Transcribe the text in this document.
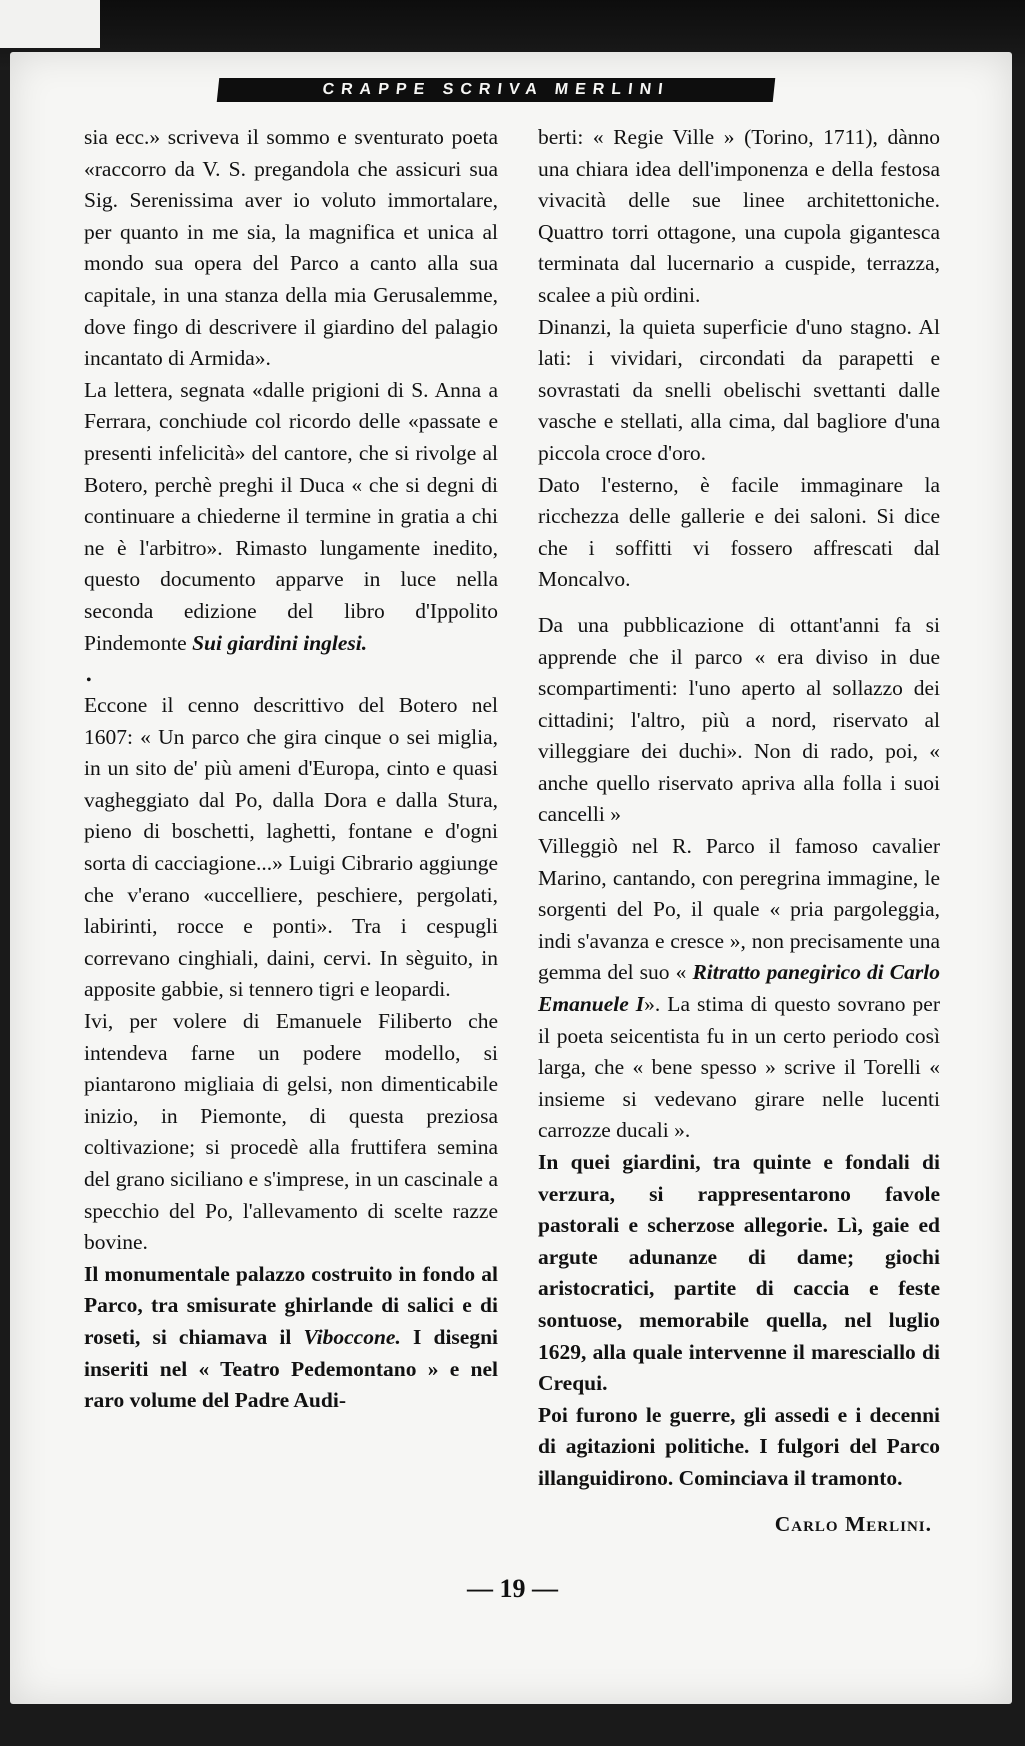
CRAPPE SCRIVA MERLINI

sia ecc.» scriveva il sommo e sventurato poeta «raccorro da V. S. pregandola che assicuri sua Sig. Serenissima aver io voluto immortalare, per quanto in me sia, la magnifica et unica al mondo sua opera del Parco a canto alla sua capitale, in una stanza della mia Gerusalemme, dove fingo di descrivere il giardino del palagio incantato di Armida».

La lettera, segnata «dalle prigioni di S. Anna a Ferrara, conchiude col ricordo delle «passate e presenti infelicità» del cantore, che si rivolge al Botero, perchè preghi il Duca « che si degni di continuare a chiederne il termine in gratia a chi ne è l'arbitro». Rimasto lungamente inedito, questo documento apparve in luce nella seconda edizione del libro d'Ippolito Pindemonte Sui giardini inglesi.

•

Eccone il cenno descrittivo del Botero nel 1607: « Un parco che gira cinque o sei miglia, in un sito de' più ameni d'Europa, cinto e quasi vagheggiato dal Po, dalla Dora e dalla Stura, pieno di boschetti, laghetti, fontane e d'ogni sorta di cacciagione...» Luigi Cibrario aggiunge che v'erano «uccelliere, peschiere, pergolati, labirinti, rocce e ponti». Tra i cespugli correvano cinghiali, daini, cervi. In sèguito, in apposite gabbie, si tennero tigri e leopardi.

Ivi, per volere di Emanuele Filiberto che intendeva farne un podere modello, si piantarono migliaia di gelsi, non dimenticabile inizio, in Piemonte, di questa preziosa coltivazione; si procedè alla fruttifera semina del grano siciliano e s'imprese, in un cascinale a specchio del Po, l'allevamento di scelte razze bovine.

Il monumentale palazzo costruito in fondo al Parco, tra smisurate ghirlande di salici e di roseti, si chiamava il Viboccone. I disegni inseriti nel « Teatro Pedemontano » e nel raro volume del Padre Audi-

berti: « Regie Ville » (Torino, 1711), dànno una chiara idea dell'imponenza e della festosa vivacità delle sue linee architettoniche. Quattro torri ottagone, una cupola gigantesca terminata dal lucernario a cuspide, terrazza, scalee a più ordini.

Dinanzi, la quieta superficie d'uno stagno. Al lati: i vividari, circondati da parapetti e sovrastati da snelli obelischi svettanti dalle vasche e stellati, alla cima, dal bagliore d'una piccola croce d'oro.

Dato l'esterno, è facile immaginare la ricchezza delle gallerie e dei saloni. Si dice che i soffitti vi fossero affrescati dal Moncalvo.

Da una pubblicazione di ottant'anni fa si apprende che il parco « era diviso in due scompartimenti: l'uno aperto al sollazzo dei cittadini; l'altro, più a nord, riservato al villeggiare dei duchi». Non di rado, poi, « anche quello riservato apriva alla folla i suoi cancelli »

Villeggiò nel R. Parco il famoso cavalier Marino, cantando, con peregrina immagine, le sorgenti del Po, il quale « pria pargoleggia, indi s'avanza e cresce », non precisamente una gemma del suo « Ritratto panegirico di Carlo Emanuele I». La stima di questo sovrano per il poeta seicentista fu in un certo periodo così larga, che « bene spesso » scrive il Torelli « insieme si vedevano girare nelle lucenti carrozze ducali ».

In quei giardini, tra quinte e fondali di verzura, si rappresentarono favole pastorali e scherzose allegorie. Lì, gaie ed argute adunanze di dame; giochi aristocratici, partite di caccia e feste sontuose, memorabile quella, nel luglio 1629, alla quale intervenne il maresciallo di Crequi.

Poi furono le guerre, gli assedi e i decenni di agitazioni politiche. I fulgori del Parco illanguidirono. Cominciava il tramonto.

Carlo Merlini.
— 19 —
